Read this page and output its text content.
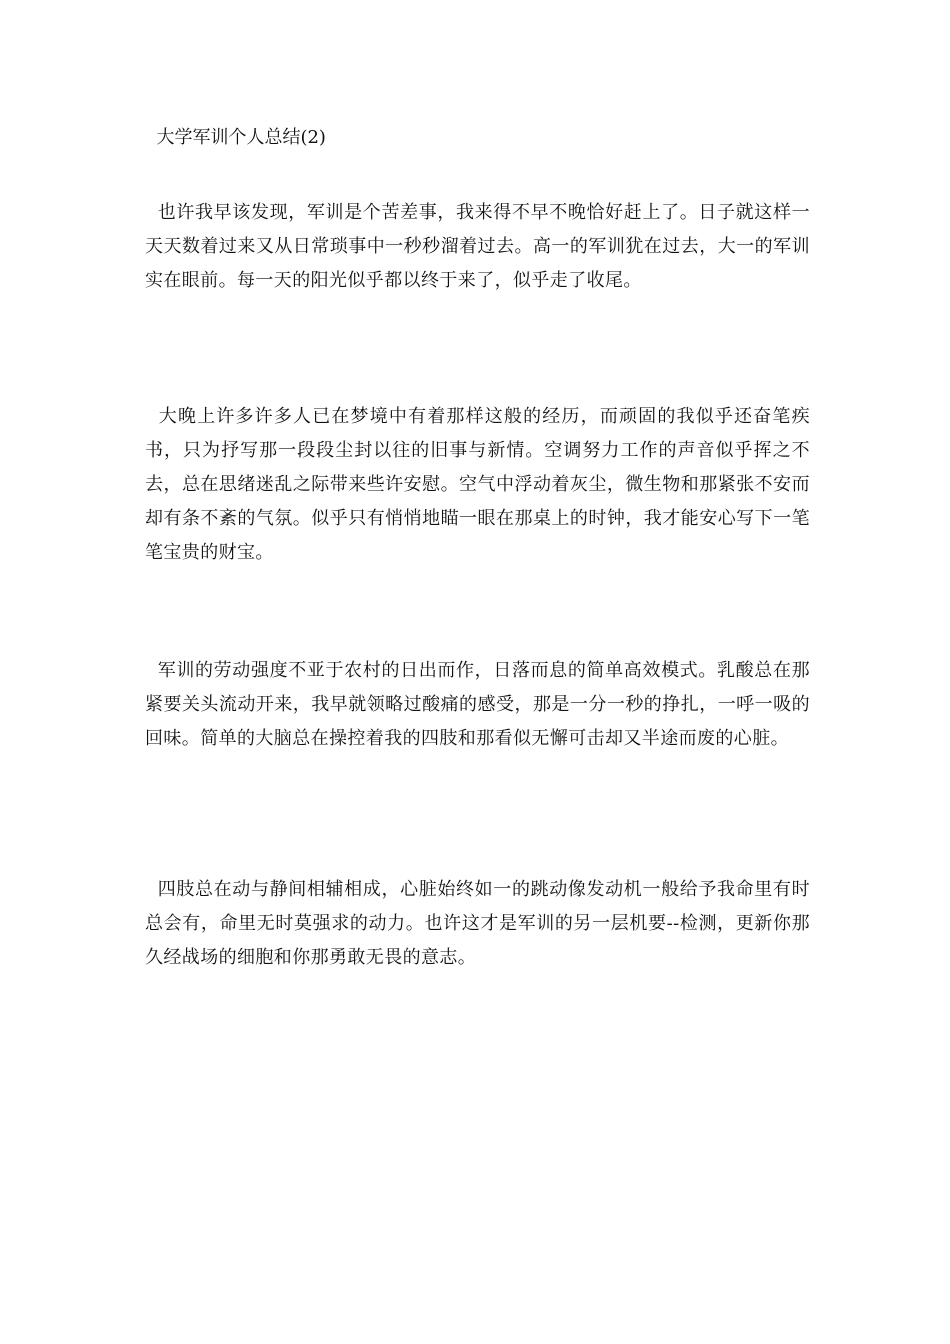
大学军训个人总结(2)
也许我早该发现，军训是个苦差事，我来得不早不晚恰好赶上了。日子就这样一天天数着过来又从日常琐事中一秒秒溜着过去。高一的军训犹在过去，大一的军训实在眼前。每一天的阳光似乎都以终于来了，似乎走了收尾。
大晚上许多许多人已在梦境中有着那样这般的经历，而顽固的我似乎还奋笔疾书，只为抒写那一段段尘封以往的旧事与新情。空调努力工作的声音似乎挥之不去，总在思绪迷乱之际带来些许安慰。空气中浮动着灰尘，微生物和那紧张不安而却有条不紊的气氛。似乎只有悄悄地瞄一眼在那桌上的时钟，我才能安心写下一笔笔宝贵的财宝。
军训的劳动强度不亚于农村的日出而作，日落而息的简单高效模式。乳酸总在那紧要关头流动开来，我早就领略过酸痛的感受，那是一分一秒的挣扎，一呼一吸的回味。简单的大脑总在操控着我的四肢和那看似无懈可击却又半途而废的心脏。
四肢总在动与静间相辅相成，心脏始终如一的跳动像发动机一般给予我命里有时总会有，命里无时莫强求的动力。也许这才是军训的另一层机要--检测，更新你那久经战场的细胞和你那勇敢无畏的意志。
